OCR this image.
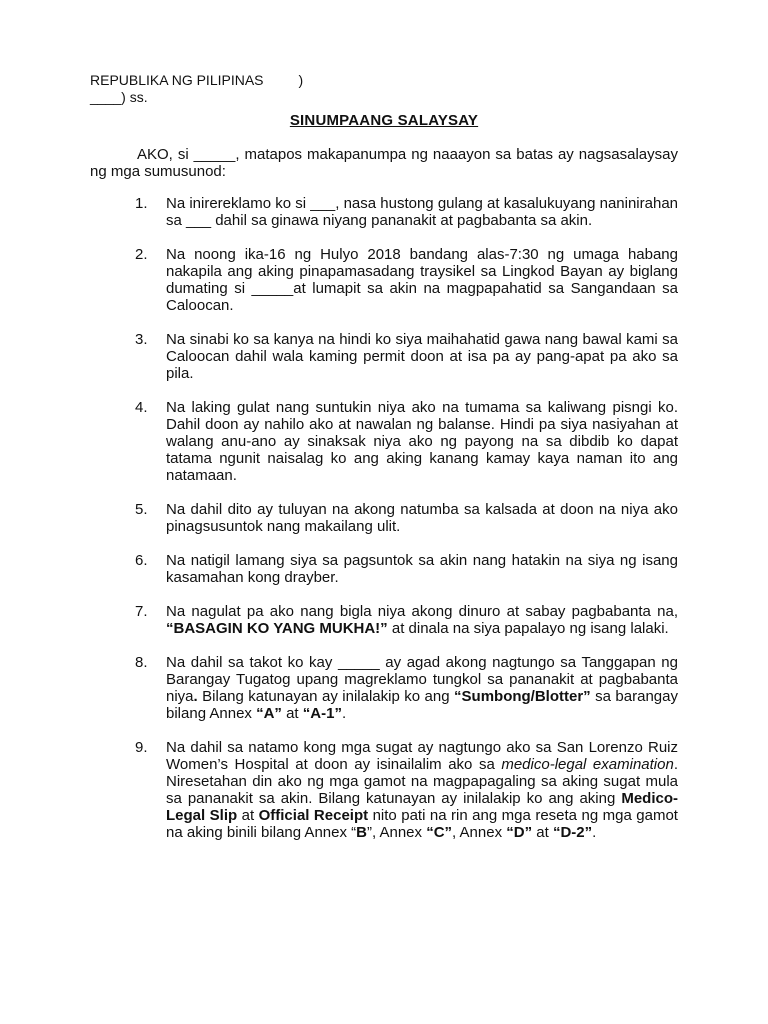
REPUBLIKA NG PILIPINAS         )
____) ss.
SINUMPAANG SALAYSAY
AKO, si _____, matapos makapanumpa ng naaayon sa batas ay nagsasalaysay ng mga sumusunod:
1. Na inirereklamo ko si ___, nasa hustong gulang at kasalukuyang naninirahan sa ___ dahil sa ginawa niyang pananakit at pagbabanta sa akin.
2. Na noong ika-16 ng Hulyo 2018 bandang alas-7:30 ng umaga habang nakapila ang aking pinapamasadang traysikel sa Lingkod Bayan ay biglang dumating si _____at lumapit sa akin na magpapahatid sa Sangandaan sa Caloocan.
3. Na sinabi ko sa kanya na hindi ko siya maihahatid gawa nang bawal kami sa Caloocan dahil wala kaming permit doon at isa pa ay pang-apat pa ako sa pila.
4. Na laking gulat nang suntukin niya ako na tumama sa kaliwang pisngi ko. Dahil doon ay nahilo ako at nawalan ng balanse. Hindi pa siya nasiyahan at walang anu-ano ay sinaksak niya ako ng payong na sa dibdib ko dapat tatama ngunit naisalag ko ang aking kanang kamay kaya naman ito ang natamaan.
5. Na dahil dito ay tuluyan na akong natumba sa kalsada at doon na niya ako pinagsusuntok nang makailang ulit.
6. Na natigil lamang siya sa pagsuntok sa akin nang hatakin na siya ng isang kasamahan kong drayber.
7. Na nagulat pa ako nang bigla niya akong dinuro at sabay pagbabanta na, “BASAGIN KO YANG MUKHA!” at dinala na siya papalayo ng isang lalaki.
8. Na dahil sa takot ko kay _____ ay agad akong nagtungo sa Tanggapan ng Barangay Tugatog upang magreklamo tungkol sa pananakit at pagbabanta niya. Bilang katunayan ay inilalakip ko ang “Sumbong/Blotter” sa barangay bilang Annex “A” at “A-1”.
9. Na dahil sa natamo kong mga sugat ay nagtungo ako sa San Lorenzo Ruiz Women’s Hospital at doon ay isinailalim ako sa medico-legal examination. Niresetahan din ako ng mga gamot na magpapagaling sa aking sugat mula sa pananakit sa akin. Bilang katunayan ay inilalakip ko ang aking Medico-Legal Slip at Official Receipt nito pati na rin ang mga reseta ng mga gamot na aking binili bilang Annex “B”, Annex “C”, Annex “D” at “D-2”.
